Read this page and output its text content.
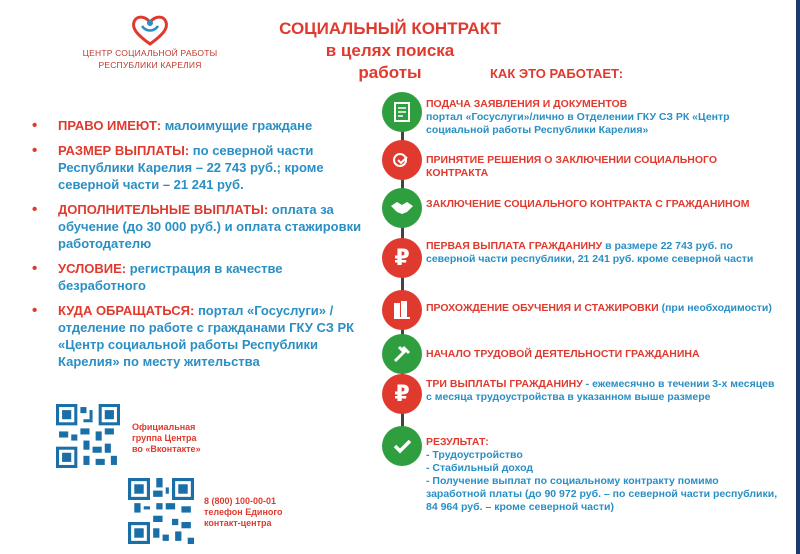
ЦЕНТР СОЦИАЛЬНОЙ РАБОТЫ
РЕСПУБЛИКИ КАРЕЛИЯ
СОЦИАЛЬНЫЙ КОНТРАКТ
в целях поиска
работы	КАК ЭТО РАБОТАЕТ:
• ПРАВО ИМЕЮТ: малоимущие граждане
• РАЗМЕР ВЫПЛАТЫ: по северной части Республики Карелия – 22 743 руб.; кроме северной части – 21 241 руб.
• ДОПОЛНИТЕЛЬНЫЕ ВЫПЛАТЫ: оплата за обучение (до 30 000 руб.) и оплата стажировки работодателю
• УСЛОВИЕ: регистрация в качестве безработного
• КУДА ОБРАЩАТЬСЯ: портал «Госуслуги» / отделение по работе с гражданами ГКУ СЗ РК «Центр социальной работы Республики Карелия» по месту жительства
Официальная
группа Центра
во «Вконтакте»
8 (800) 100-00-01
телефон Единого
контакт-центра
ПОДАЧА ЗАЯВЛЕНИЯ И ДОКУМЕНТОВ
портал «Госуслуги»/лично в Отделении ГКУ СЗ РК «Центр социальной работы Республики Карелия»
ПРИНЯТИЕ РЕШЕНИЯ О ЗАКЛЮЧЕНИИ СОЦИАЛЬНОГО КОНТРАКТА
ЗАКЛЮЧЕНИЕ СОЦИАЛЬНОГО КОНТРАКТА С ГРАЖДАНИНОМ
₽ ПЕРВАЯ ВЫПЛАТА ГРАЖДАНИНУ в размере 22 743 руб. по северной части республики, 21 241 руб. кроме северной части
ПРОХОЖДЕНИЕ ОБУЧЕНИЯ И СТАЖИРОВКИ (при необходимости)
НАЧАЛО ТРУДОВОЙ ДЕЯТЕЛЬНОСТИ ГРАЖДАНИНА
₽ ТРИ ВЫПЛАТЫ ГРАЖДАНИНУ - ежемесячно в течении 3-х месяцев с месяца трудоустройства в указанном выше размере
РЕЗУЛЬТАТ:
- Трудоустройство
- Стабильный доход
- Получение выплат по социальному контракту помимо заработной платы (до 90 972 руб. – по северной части республики, 84 964 руб. – кроме северной части)
